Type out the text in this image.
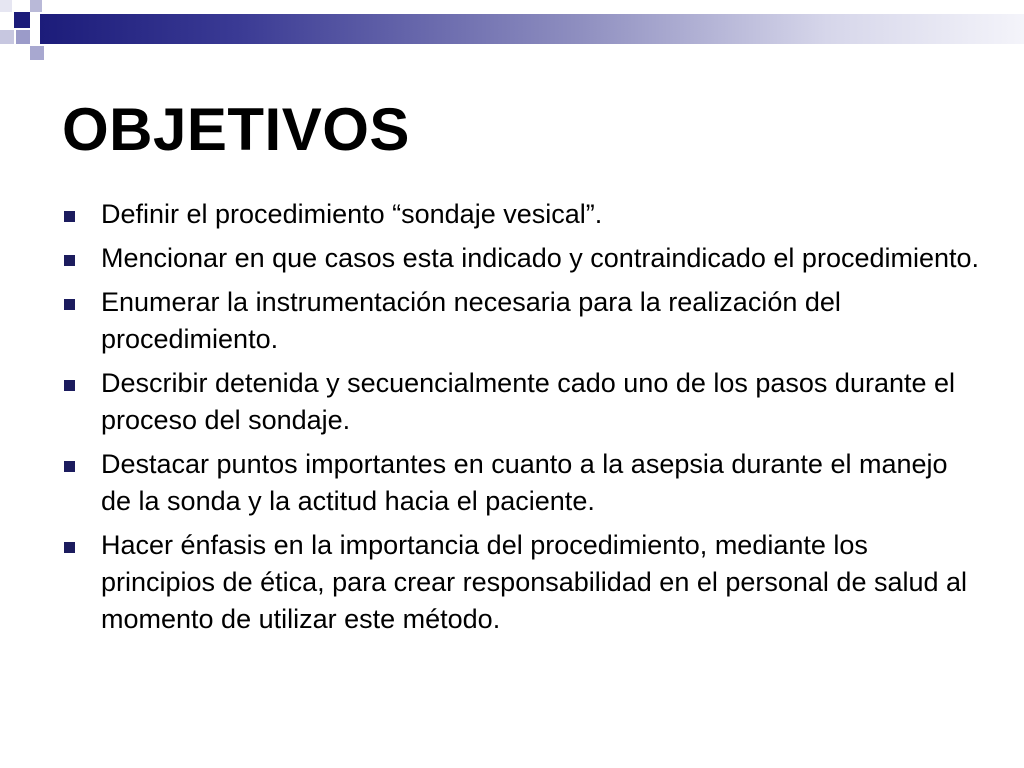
OBJETIVOS
Definir el procedimiento “sondaje vesical”.
Mencionar en que casos esta indicado y contraindicado el procedimiento.
Enumerar la instrumentación necesaria para la realización del procedimiento.
Describir detenida y secuencialmente cado uno de los pasos durante el proceso del sondaje.
Destacar puntos importantes en cuanto a la asepsia durante el manejo de la sonda y la actitud hacia el paciente.
Hacer énfasis en la importancia del procedimiento, mediante los principios de ética, para crear responsabilidad en el personal de salud al momento de utilizar este método.
